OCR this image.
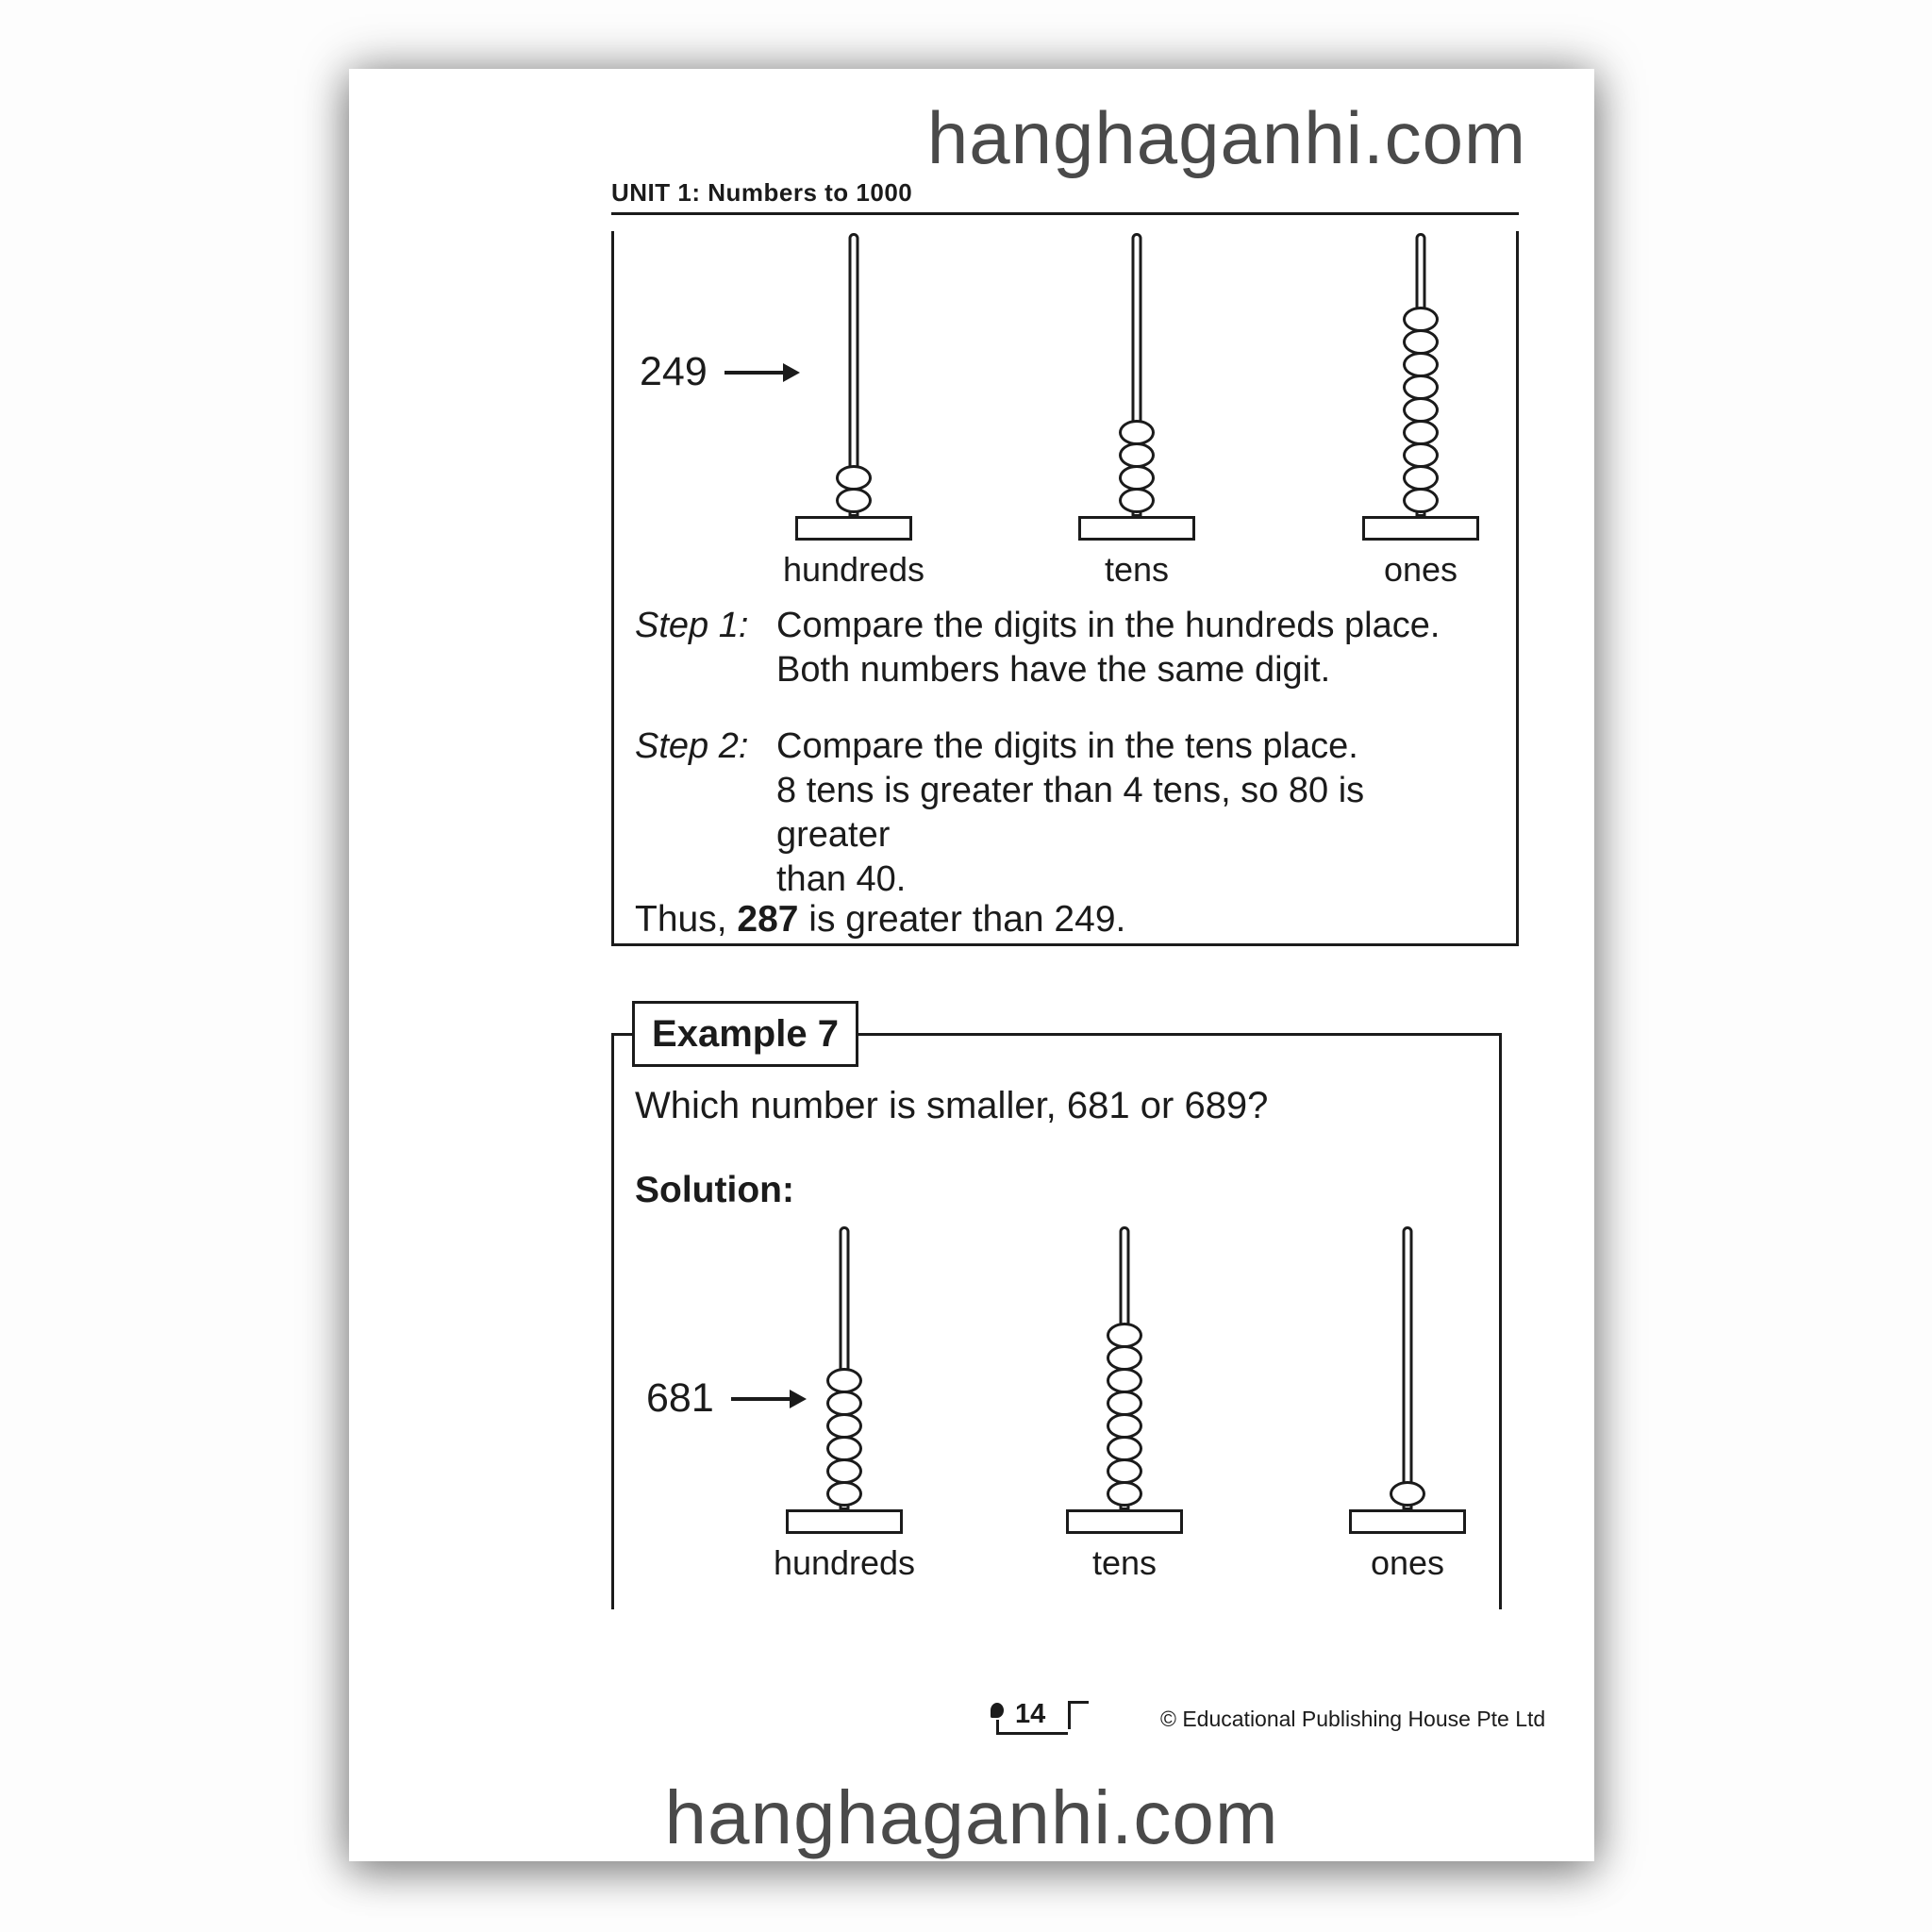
hanghaganhi.com
UNIT 1: Numbers to 1000
249
hundreds	tens	ones
Step 1: Compare the digits in the hundreds place.
Both numbers have the same digit.
Step 2: Compare the digits in the tens place.
8 tens is greater than 4 tens, so 80 is greater
than 40.
Thus, 287 is greater than 249.
Example 7
Which number is smaller, 681 or 689?
Solution:
681
hundreds	tens	ones
14	© Educational Publishing House Pte Ltd
hanghaganhi.com
